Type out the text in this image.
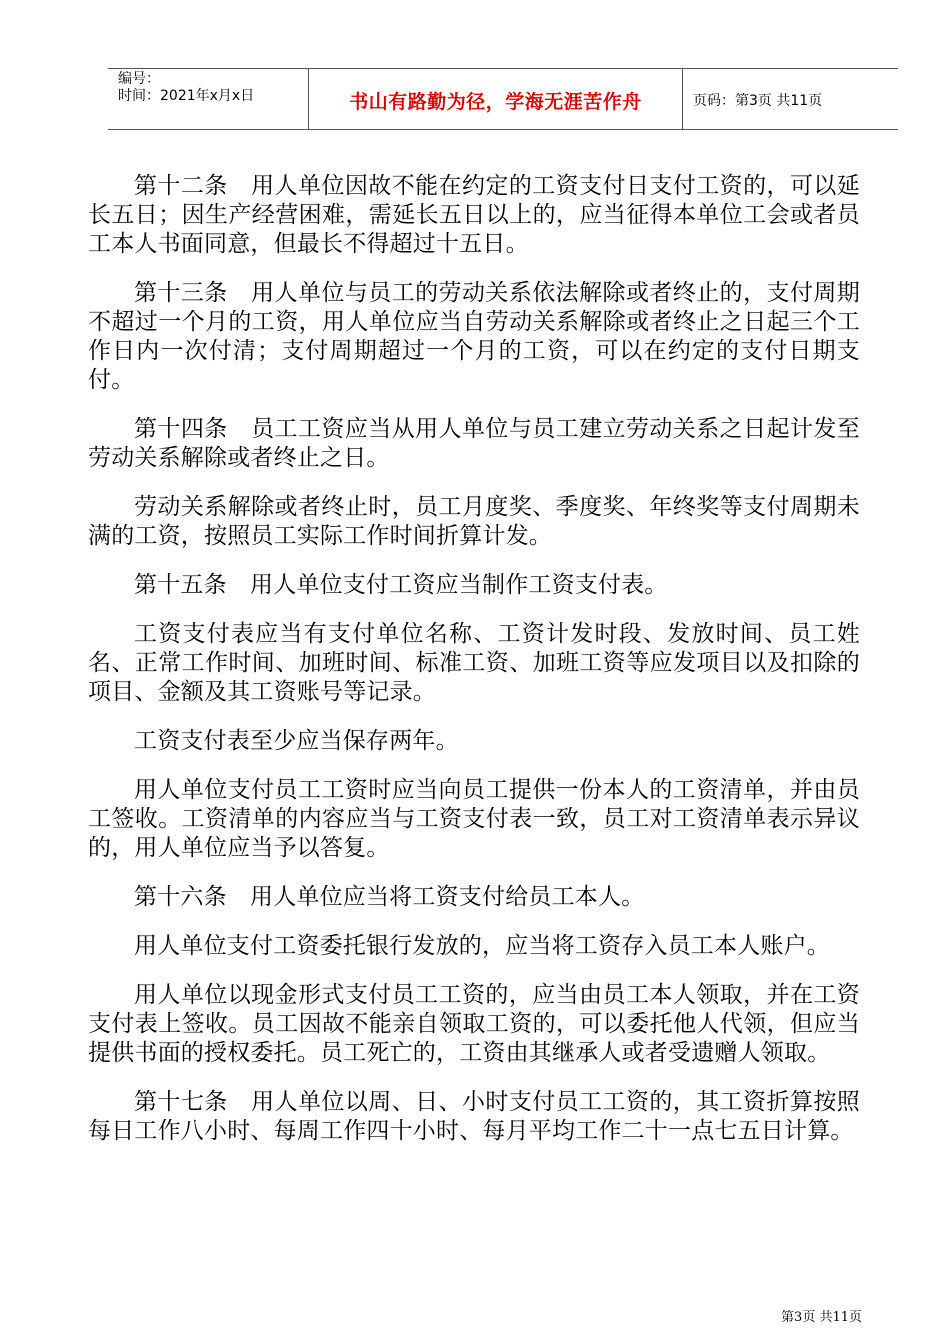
编号：
时间：2021年x月x日	书山有路勤为径，学海无涯苦作舟	页码：第3页 共11页

第十二条　用人单位因故不能在约定的工资支付日支付工资的，可以延长五日；因生产经营困难，需延长五日以上的，应当征得本单位工会或者员工本人书面同意，但最长不得超过十五日。

第十三条　用人单位与员工的劳动关系依法解除或者终止的，支付周期不超过一个月的工资，用人单位应当自劳动关系解除或者终止之日起三个工作日内一次付清；支付周期超过一个月的工资，可以在约定的支付日期支付。

第十四条　员工工资应当从用人单位与员工建立劳动关系之日起计发至劳动关系解除或者终止之日。

劳动关系解除或者终止时，员工月度奖、季度奖、年终奖等支付周期未满的工资，按照员工实际工作时间折算计发。

第十五条　用人单位支付工资应当制作工资支付表。

工资支付表应当有支付单位名称、工资计发时段、发放时间、员工姓名、正常工作时间、加班时间、标准工资、加班工资等应发项目以及扣除的项目、金额及其工资账号等记录。

工资支付表至少应当保存两年。

用人单位支付员工工资时应当向员工提供一份本人的工资清单，并由员工签收。工资清单的内容应当与工资支付表一致，员工对工资清单表示异议的，用人单位应当予以答复。

第十六条　用人单位应当将工资支付给员工本人。

用人单位支付工资委托银行发放的，应当将工资存入员工本人账户。

用人单位以现金形式支付员工工资的，应当由员工本人领取，并在工资支付表上签收。员工因故不能亲自领取工资的，可以委托他人代领，但应当提供书面的授权委托。员工死亡的，工资由其继承人或者受遗赠人领取。

第十七条　用人单位以周、日、小时支付员工工资的，其工资折算按照每日工作八小时、每周工作四十小时、每月平均工作二十一点七五日计算。

第3页 共11页
